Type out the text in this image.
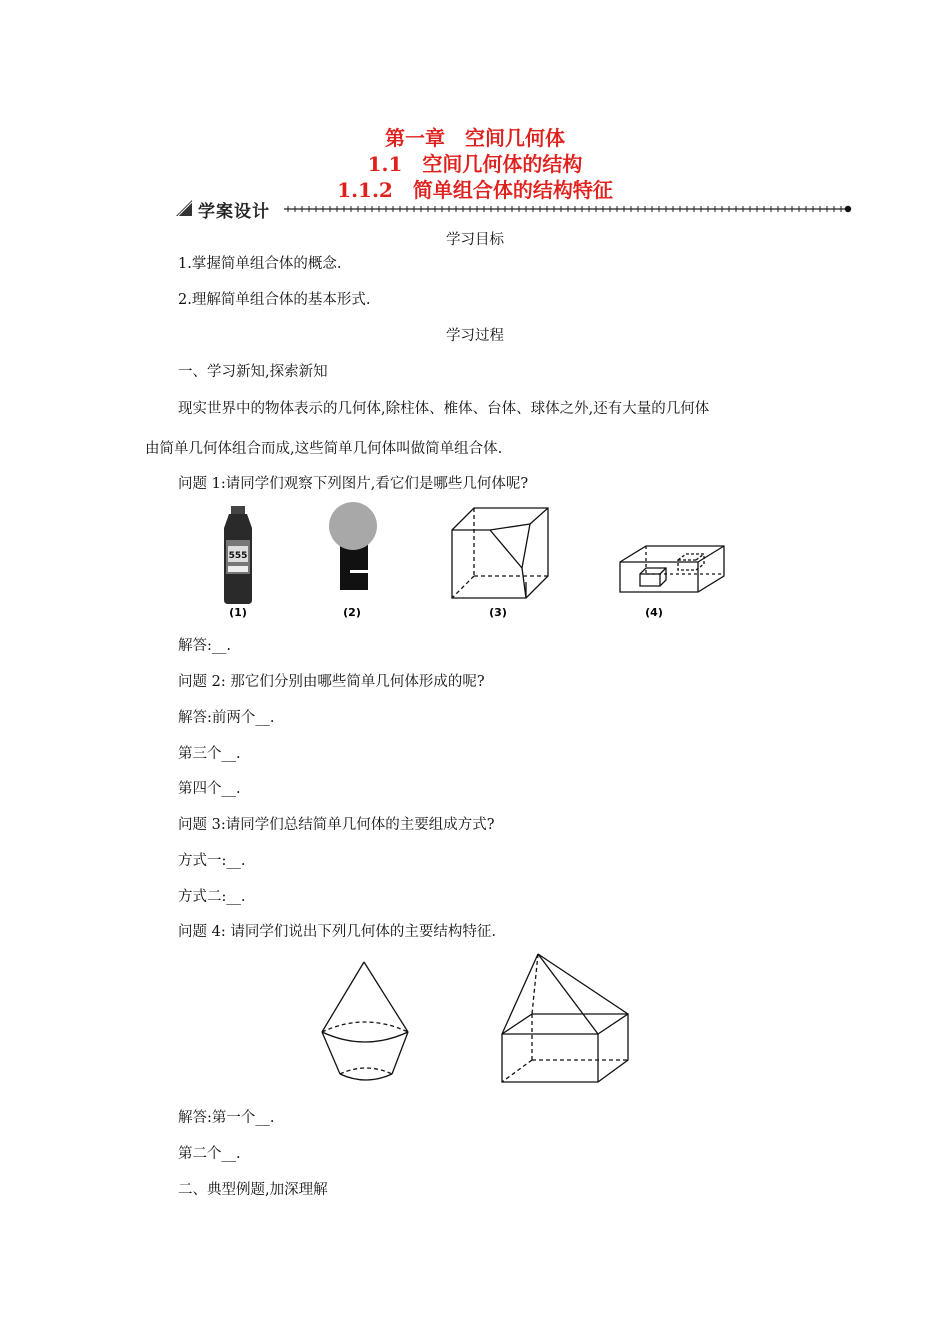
第一章　空间几何体
1.1　空间几何体的结构
1.1.2　简单组合体的结构特征
学案设计
学习目标
1.掌握简单组合体的概念.
2.理解简单组合体的基本形式.
学习过程
一、学习新知,探索新知
现实世界中的物体表示的几何体,除柱体、椎体、台体、球体之外,还有大量的几何体
由简单几何体组合而成,这些简单几何体叫做简单组合体.
问题 1:请同学们观察下列图片,看它们是哪些几何体呢?
555
(1)	(2)	(3)	(4)
解答:__.
问题 2: 那它们分别由哪些简单几何体形成的呢?
解答:前两个__.
第三个__.
第四个__.
问题 3:请同学们总结简单几何体的主要组成方式?
方式一:__.
方式二:__.
问题 4: 请同学们说出下列几何体的主要结构特征.
解答:第一个__.
第二个__.
二、典型例题,加深理解
